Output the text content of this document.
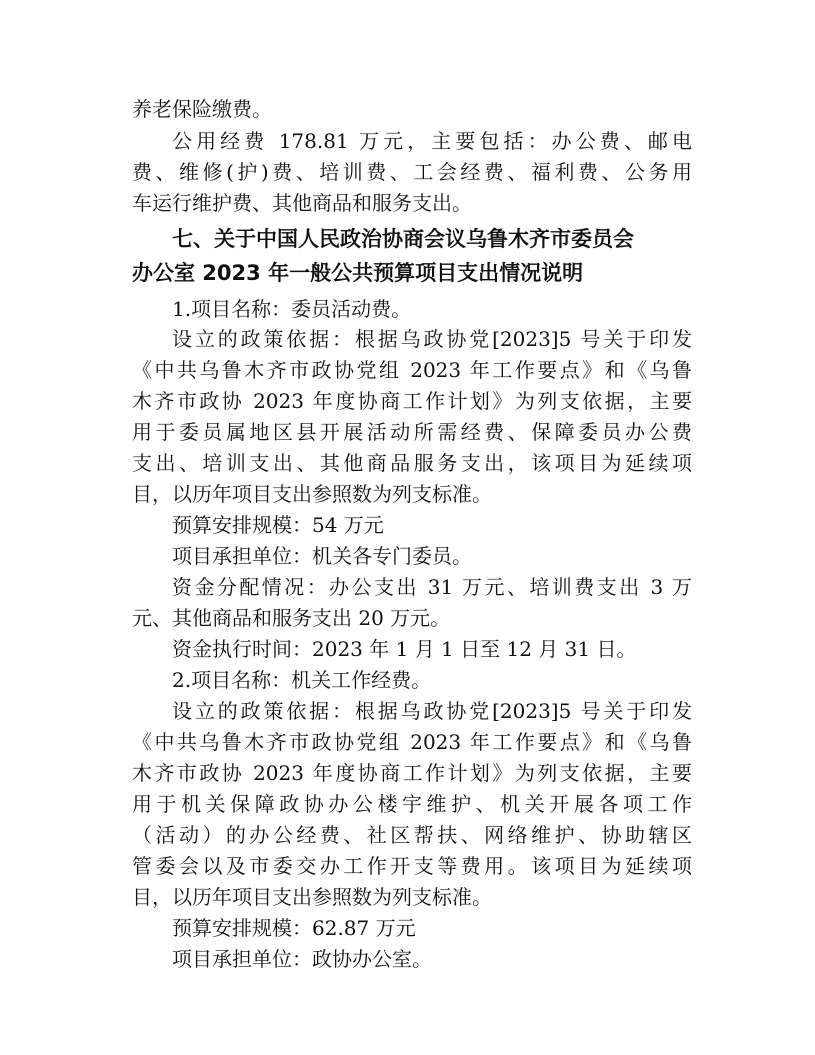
养老保险缴费。
公用经费 178.81 万元，主要包括：办公费、邮电
费、维修(护)费、培训费、工会经费、福利费、公务用
车运行维护费、其他商品和服务支出。
七、关于中国人民政治协商会议乌鲁木齐市委员会
办公室 2023 年一般公共预算项目支出情况说明
1.项目名称：委员活动费。
设立的政策依据：根据乌政协党[2023]5 号关于印发
《中共乌鲁木齐市政协党组 2023 年工作要点》和《乌鲁
木齐市政协 2023 年度协商工作计划》为列支依据，主要
用于委员属地区县开展活动所需经费、保障委员办公费
支出、培训支出、其他商品服务支出，该项目为延续项
目，以历年项目支出参照数为列支标准。
预算安排规模：54 万元
项目承担单位：机关各专门委员。
资金分配情况：办公支出 31 万元、培训费支出 3 万
元、其他商品和服务支出 20 万元。
资金执行时间：2023 年 1 月 1 日至 12 月 31 日。
2.项目名称：机关工作经费。
设立的政策依据：根据乌政协党[2023]5 号关于印发
《中共乌鲁木齐市政协党组 2023 年工作要点》和《乌鲁
木齐市政协 2023 年度协商工作计划》为列支依据，主要
用于机关保障政协办公楼宇维护、机关开展各项工作
（活动）的办公经费、社区帮扶、网络维护、协助辖区
管委会以及市委交办工作开支等费用。该项目为延续项
目，以历年项目支出参照数为列支标准。
预算安排规模：62.87 万元
项目承担单位：政协办公室。
